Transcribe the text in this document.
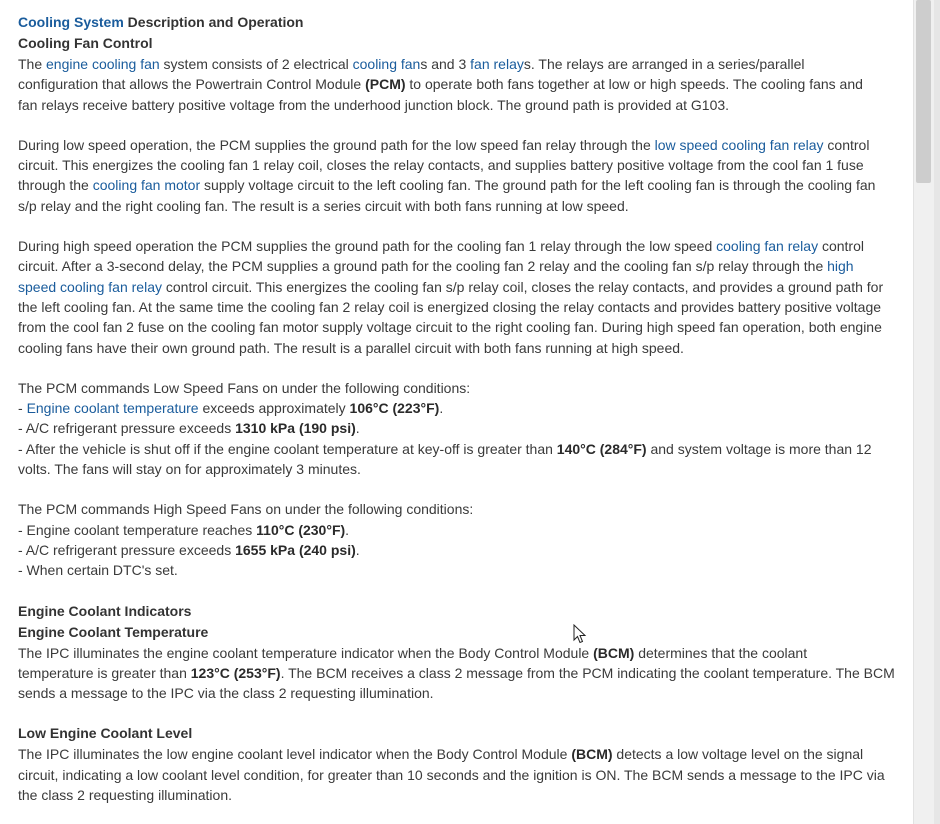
Cooling System Description and Operation
Cooling Fan Control
The engine cooling fan system consists of 2 electrical cooling fans and 3 fan relays. The relays are arranged in a series/parallel
configuration that allows the Powertrain Control Module (PCM) to operate both fans together at low or high speeds. The cooling fans and
fan relays receive battery positive voltage from the underhood junction block. The ground path is provided at G103.
During low speed operation, the PCM supplies the ground path for the low speed fan relay through the low speed cooling fan relay control
circuit. This energizes the cooling fan 1 relay coil, closes the relay contacts, and supplies battery positive voltage from the cool fan 1 fuse
through the cooling fan motor supply voltage circuit to the left cooling fan. The ground path for the left cooling fan is through the cooling fan
s/p relay and the right cooling fan. The result is a series circuit with both fans running at low speed.
During high speed operation the PCM supplies the ground path for the cooling fan 1 relay through the low speed cooling fan relay control
circuit. After a 3-second delay, the PCM supplies a ground path for the cooling fan 2 relay and the cooling fan s/p relay through the high
speed cooling fan relay control circuit. This energizes the cooling fan s/p relay coil, closes the relay contacts, and provides a ground path for
the left cooling fan. At the same time the cooling fan 2 relay coil is energized closing the relay contacts and provides battery positive voltage
from the cool fan 2 fuse on the cooling fan motor supply voltage circuit to the right cooling fan. During high speed fan operation, both engine
cooling fans have their own ground path. The result is a parallel circuit with both fans running at high speed.
The PCM commands Low Speed Fans on under the following conditions:
- Engine coolant temperature exceeds approximately 106°C (223°F).
- A/C refrigerant pressure exceeds 1310 kPa (190 psi).
- After the vehicle is shut off if the engine coolant temperature at key-off is greater than 140°C (284°F) and system voltage is more than 12
volts. The fans will stay on for approximately 3 minutes.
The PCM commands High Speed Fans on under the following conditions:
- Engine coolant temperature reaches 110°C (230°F).
- A/C refrigerant pressure exceeds 1655 kPa (240 psi).
- When certain DTC's set.
Engine Coolant Indicators
Engine Coolant Temperature
The IPC illuminates the engine coolant temperature indicator when the Body Control Module (BCM) determines that the coolant
temperature is greater than 123°C (253°F). The BCM receives a class 2 message from the PCM indicating the coolant temperature. The BCM
sends a message to the IPC via the class 2 requesting illumination.
Low Engine Coolant Level
The IPC illuminates the low engine coolant level indicator when the Body Control Module (BCM) detects a low voltage level on the signal
circuit, indicating a low coolant level condition, for greater than 10 seconds and the ignition is ON. The BCM sends a message to the IPC via
the class 2 requesting illumination.
